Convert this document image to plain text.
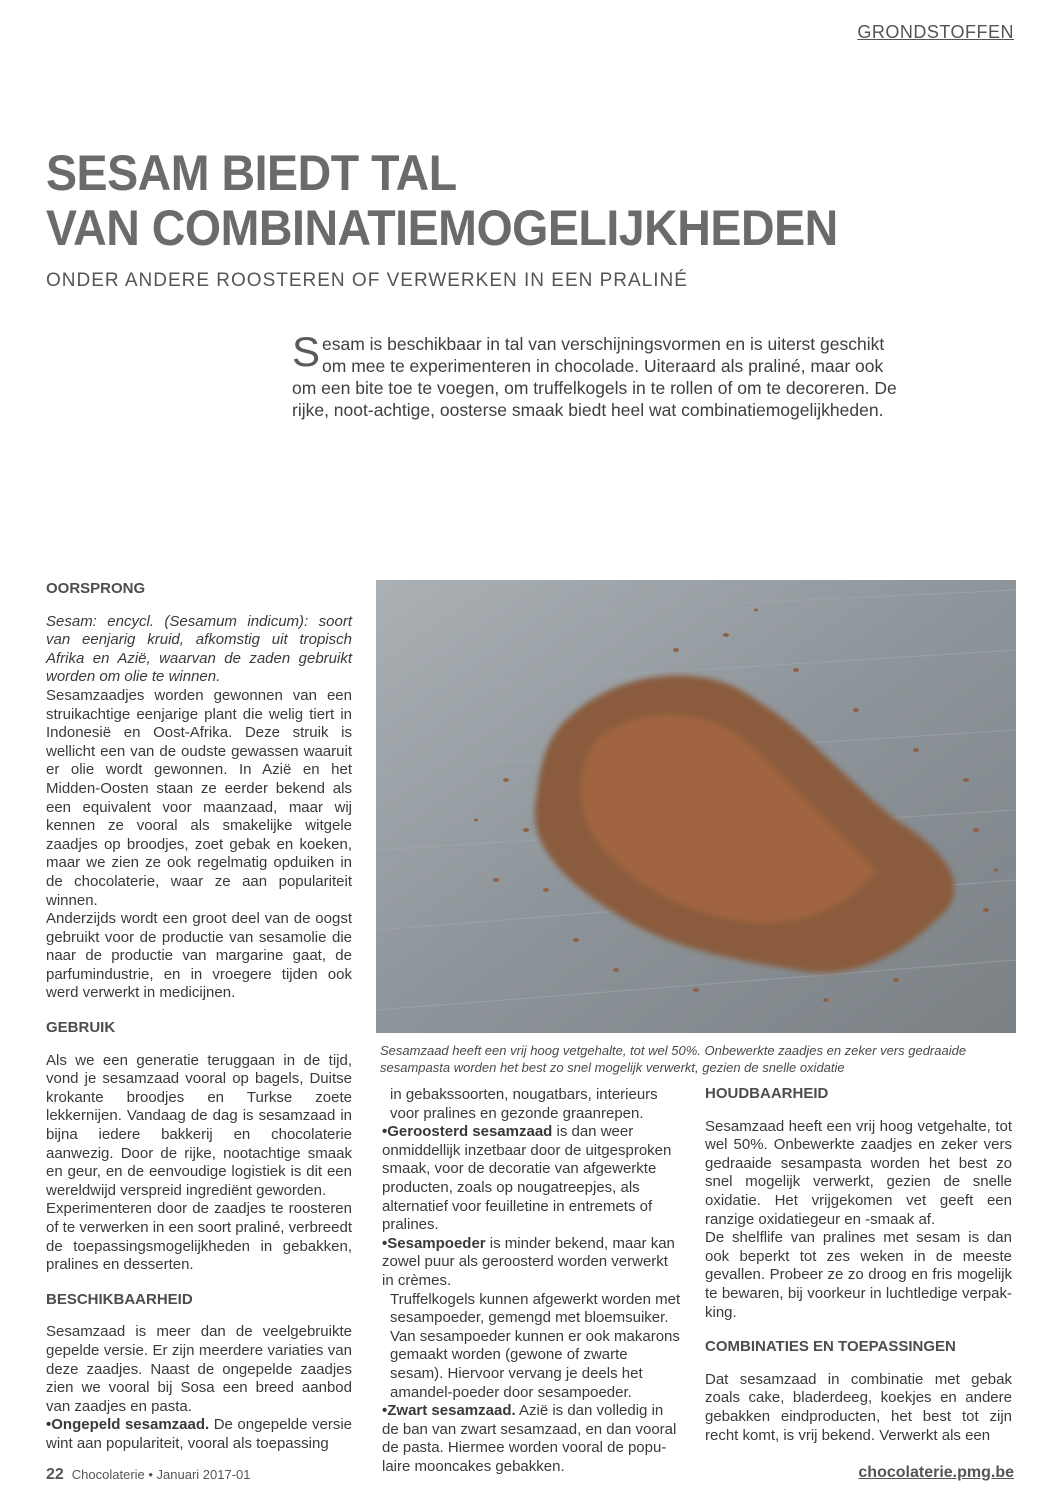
GRONDSTOFFEN
SESAM BIEDT TAL
VAN COMBINATIEMOGELIJKHEDEN
ONDER ANDERE ROOSTEREN OF VERWERKEN IN EEN PRALINÉ
Sesam is beschikbaar in tal van verschijningsvormen en is uiterst geschikt om mee te experimenteren in chocolade. Uiteraard als praliné, maar ook om een bite toe te voegen, om truffelkogels in te rollen of om te decoreren. De rijke, noot-achtige, oosterse smaak biedt heel wat combinatiemogelijkheden.
OORSPRONG

Sesam: encycl. (Sesamum indicum): soort van eenjarig kruid, afkomstig uit tropisch Afrika en Azië, waarvan de zaden gebruikt worden om olie te winnen.

Sesamzaadjes worden gewonnen van een struikachtige eenjarige plant die welig tiert in Indonesië en Oost-Afrika. Deze struik is wellicht een van de oudste gewassen waaruit er olie wordt gewonnen. In Azië en het Midden-Oosten staan ze eerder bekend als een equivalent voor maanzaad, maar wij kennen ze vooral als smakelijke witgele zaadjes op broodjes, zoet gebak en koeken, maar we zien ze ook regelmatig opduiken in de chocolaterie, waar ze aan populariteit winnen.

Anderzijds wordt een groot deel van de oogst gebruikt voor de productie van sesamolie die naar de productie van margarine gaat, de parfumindustrie, en in vroegere tijden ook werd verwerkt in medicijnen.

GEBRUIK

Als we een generatie teruggaan in de tijd, vond je sesamzaad vooral op bagels, Duitse krokante broodjes en Turkse zoete lekkernijen. Vandaag de dag is sesamzaad in bijna iedere bakkerij en chocolaterie aanwezig. Door de rijke, nootachtige smaak en geur, en de eenvoudige logistiek is dit een wereldwijd verspreid ingrediënt geworden.

Experimenteren door de zaadjes te roosteren of te verwerken in een soort praliné, verbreedt de toepassingsmogelijkheden in gebakken, pralines en desserten.

BESCHIKBAARHEID

Sesamzaad is meer dan de veelgebruikte gepelde versie. Er zijn meerdere variaties van deze zaadjes. Naast de ongepelde zaadjes zien we vooral bij Sosa een breed aanbod van zaadjes en pasta.

•Ongepeld sesamzaad. De ongepelde versie wint aan populariteit, vooral als toepassing

Sesamzaad heeft een vrij hoog vetgehalte, tot wel 50%. Onbewerkte zaadjes en zeker vers gedraaide
sesampasta worden het best zo snel mogelijk verwerkt, gezien de snelle oxidatie

in gebakssoorten, nougatbars, interieurs voor pralines en gezonde graanrepen.

•Geroosterd sesamzaad is dan weer onmiddellijk inzetbaar door de uitgesproken smaak, voor de decoratie van afgewerkte producten, zoals op nougatreepjes, als alternatief voor feuilletine in entremets of pralines.

•Sesampoeder is minder bekend, maar kan zowel puur als geroosterd worden verwerkt in crèmes.

Truffelkogels kunnen afgewerkt worden met sesampoeder, gemengd met bloemsuiker. Van sesampoeder kunnen er ook makarons gemaakt worden (gewone of zwarte sesam). Hiervoor vervang je deels het amandel-poeder door sesampoeder.

•Zwart sesamzaad. Azië is dan volledig in de ban van zwart sesamzaad, en dan vooral de pasta. Hiermee worden vooral de popu-laire mooncakes gebakken.

HOUDBAARHEID

Sesamzaad heeft een vrij hoog vetgehalte, tot wel 50%. Onbewerkte zaadjes en zeker vers gedraaide sesampasta worden het best zo snel mogelijk verwerkt, gezien de snelle oxidatie. Het vrijgekomen vet geeft een ranzige oxidatiegeur en -smaak af.

De shelflife van pralines met sesam is dan ook beperkt tot zes weken in de meeste gevallen. Probeer ze zo droog en fris mogelijk te bewaren, bij voorkeur in luchtledige verpak-king.

COMBINATIES EN TOEPASSINGEN

Dat sesamzaad in combinatie met gebak zoals cake, bladerdeeg, koekjes en andere gebakken eindproducten, het best tot zijn recht komt, is vrij bekend. Verwerkt als een

22 Chocolaterie • Januari 2017-01	chocolaterie.pmg.be
